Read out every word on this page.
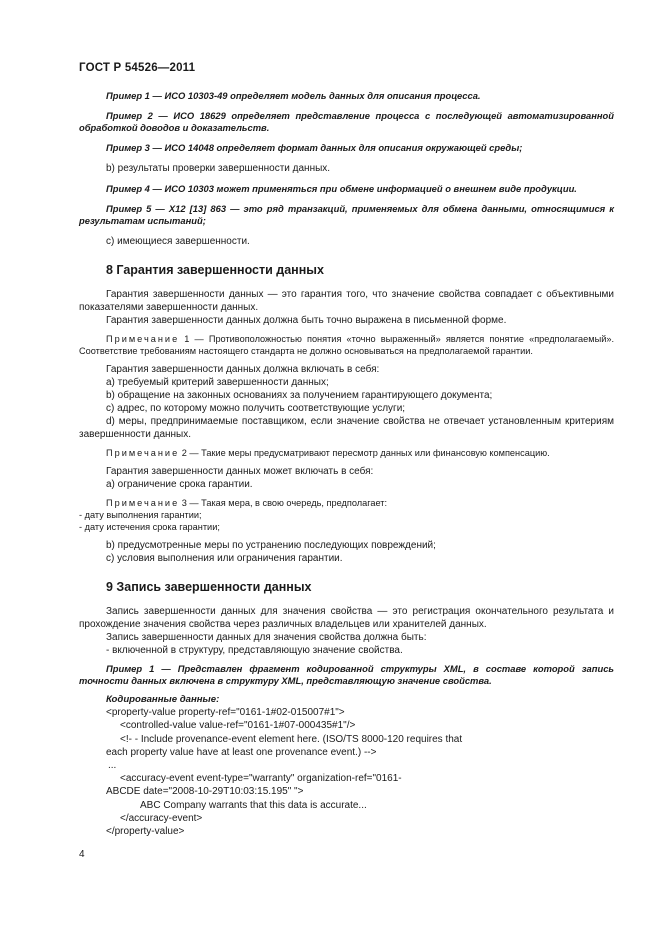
ГОСТ Р 54526—2011

Пример 1 — ИСО 10303-49 определяет модель данных для описания процесса.

Пример 2 — ИСО 18629 определяет представление процесса с последующей автоматизированной обработкой доводов и доказательств.

Пример 3 — ИСО 14048 определяет формат данных для описания окружающей среды;

b) результаты проверки завершенности данных.

Пример 4 — ИСО 10303 может применяться при обмене информацией о внешнем виде продукции.

Пример 5 — X12 [13] 863 — это ряд транзакций, применяемых для обмена данными, относящимися к результатам испытаний;

c) имеющиеся завершенности.

8 Гарантия завершенности данных

Гарантия завершенности данных — это гарантия того, что значение свойства совпадает с объективными показателями завершенности данных.

Гарантия завершенности данных должна быть точно выражена в письменной форме.

Примечание 1 — Противоположностью понятия «точно выраженный» является понятие «предполагаемый». Соответствие требованиям настоящего стандарта не должно основываться на предполагаемой гарантии.

Гарантия завершенности данных должна включать в себя:

a) требуемый критерий завершенности данных;

b) обращение на законных основаниях за получением гарантирующего документа;

c) адрес, по которому можно получить соответствующие услуги;

d) меры, предпринимаемые поставщиком, если значение свойства не отвечает установленным критериям завершенности данных.

Примечание 2 — Такие меры предусматривают пересмотр данных или финансовую компенсацию.

Гарантия завершенности данных может включать в себя:

a) ограничение срока гарантии.

Примечание 3 — Такая мера, в свою очередь, предполагает:

- дату выполнения гарантии;

- дату истечения срока гарантии;

b) предусмотренные меры по устранению последующих повреждений;

c) условия выполнения или ограничения гарантии.

9 Запись завершенности данных

Запись завершенности данных для значения свойства — это регистрация окончательного результата и прохождение значения свойства через различных владельцев или хранителей данных.

Запись завершенности данных для значения свойства должна быть:

- включенной в структуру, представляющую значение свойства.

Пример 1 — Представлен фрагмент кодированной структуры XML, в составе которой запись точности данных включена в структуру XML, представляющую значение свойства.

Кодированные данные:

<property-value property-ref="0161-1#02-015007#1">

<controlled-value value-ref="0161-1#07-000435#1"/>

<!- - Include provenance-event element here. (ISO/TS 8000-120 requires that

each property value have at least one provenance event.) -->

...

<accuracy-event event-type="warranty" organization-ref="0161-

ABCDE date="2008-10-29T10:03:15.195" ">

ABC Company warrants that this data is accurate...

</accuracy-event>

</property-value>

4
